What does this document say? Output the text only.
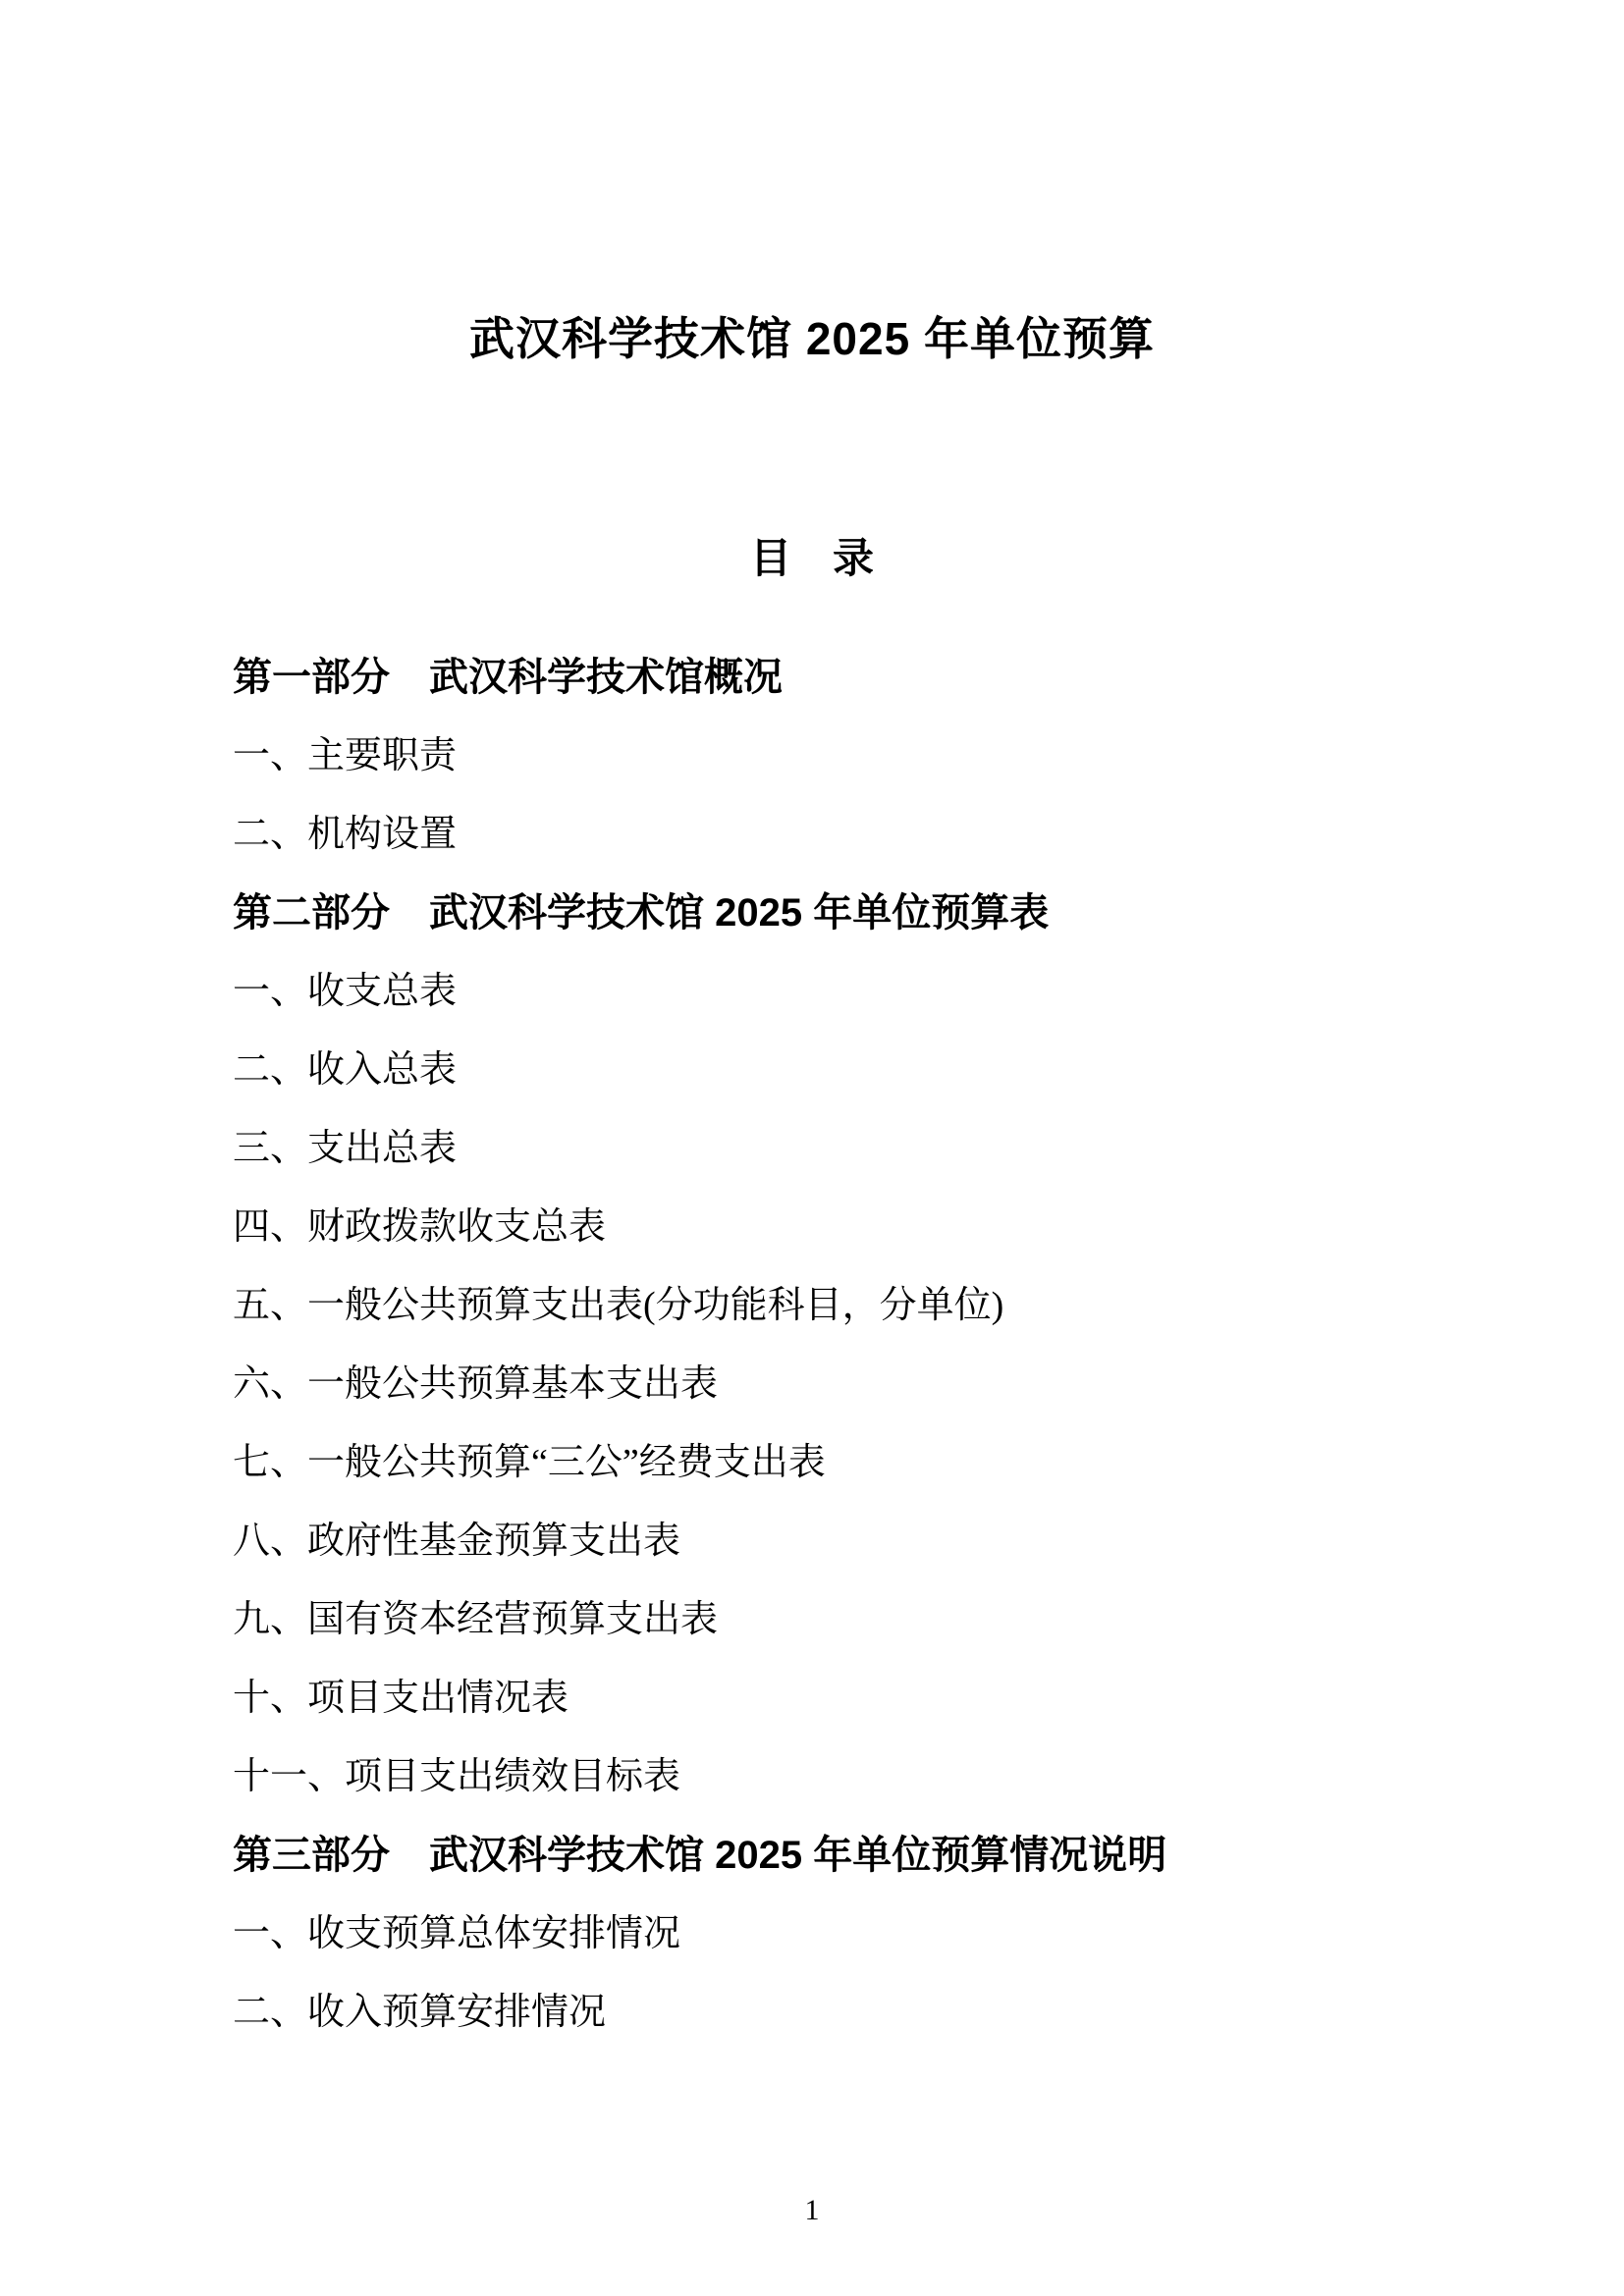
武汉科学技术馆 2025 年单位预算
目　录
第一部分　武汉科学技术馆概况
一、主要职责
二、机构设置
第二部分　武汉科学技术馆 2025 年单位预算表
一、收支总表
二、收入总表
三、支出总表
四、财政拨款收支总表
五、一般公共预算支出表(分功能科目，分单位)
六、一般公共预算基本支出表
七、一般公共预算“三公”经费支出表
八、政府性基金预算支出表
九、国有资本经营预算支出表
十、项目支出情况表
十一、项目支出绩效目标表
第三部分　武汉科学技术馆 2025 年单位预算情况说明
一、收支预算总体安排情况
二、收入预算安排情况
1
